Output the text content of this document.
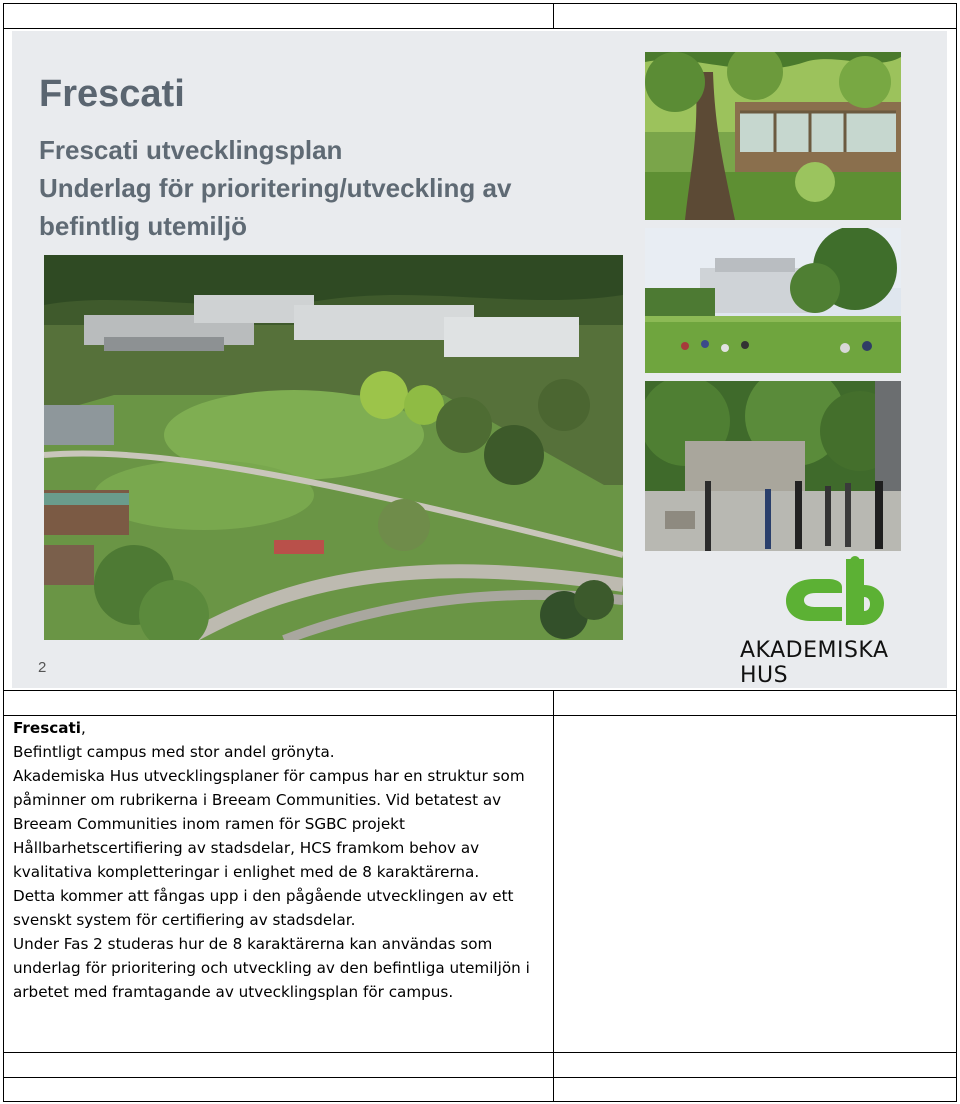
Frescati
Frescati utvecklingsplan
Underlag för prioritering/utveckling av
befintlig utemiljö
AKADEMISKA HUS
2

Frescati,

Befintligt campus med stor andel grönyta.

Akademiska Hus utvecklingsplaner för campus har en struktur som påminner om rubrikerna i Breeam Communities. Vid betatest av Breeam Communities inom ramen för SGBC projekt Hållbarhetscertifiering av stadsdelar, HCS framkom behov av kvalitativa kompletteringar i enlighet med de 8 karaktärerna.

Detta kommer att fångas upp i den pågående utvecklingen av ett svenskt system för certifiering av stadsdelar.

Under Fas 2 studeras hur de 8 karaktärerna kan användas som underlag för prioritering och utveckling av den befintliga utemiljön i arbetet med framtagande av utvecklingsplan för campus.
